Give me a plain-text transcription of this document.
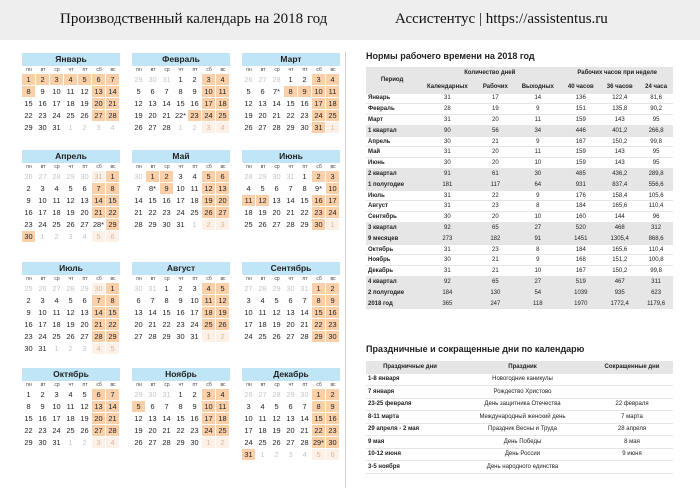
Производственный календарь на 2018 год	Ассистентус | https://assistentus.ru
Январь
пн	вт	ср	чт	пт	сб	вс
1	2	3	4	5	6	7
8	9	10 11 12 13 14
15 16 17 18 19 20 21
22 23 24 25 26 27 28
29 30 31	1	2	3	4
Февраль
пн	вт	ср	чт	пт	сб	вс
29 30 31	1	2	3	4
5	6	7	8	9	10 11
12 13 14 15 16 17 18
19 20 21 22* 23 24 25
26 27 28	1	2	3	4
Март
пн	вт	ср	чт	пт	сб	вс
26 27 28	1	2	3	4
5	6	7*	8	9	10 11
12 13 14 15 16 17 18
19 20 21 22 23 24 25
26 27 28 29 30 31	1
Апрель
пн	вт	ср	чт	пт	сб	вс
26 27 28 29 30 31	1
2	3	4	5	6	7	8
9	10 11 12 13 14 15
16 17 18 19 20 21 22
23 24 25 26 27 28* 29
30	1	2	3	4	5	6
Май
пн	вт	ср	чт	пт	сб	вс
30	1	2	3	4	5	6
7	8*	9	10 11 12 13
14 15 16 17 18 19 20
21 22 23 24 25 26 27
28 29 30 31	1	2	3
Июнь
пн	вт	ср	чт	пт	сб	вс
28 29 30 31	1	2	3
4	5	6	7	8	9* 10
11 12 13 14 15 16 17
18 19 20 21 22 23 24
25 26 27 28 29 30	1
Июль
пн	вт	ср	чт	пт	сб	вс
25 26 27 28 29 30	1
2	3	4	5	6	7	8
9	10 11 12 13 14 15
16 17 18 19 20 21 22
23 24 25 26 27 28 29
30 31	1	2	3	4	5
Август
пн	вт	ср	чт	пт	сб	вс
30 31	1	2	3	4	5
6	7	8	9	10 11 12
13 14 15 16 17 18 19
20 21 22 23 24 25 26
27 28 29 30 31	1	2
Сентябрь
пн	вт	ср	чт	пт	сб	вс
27 28 29 30 31	1	2
3	4	5	6	7	8	9
10 11 12 13 14 15 16
17 18 19 20 21 22 23
24 25 26 27 28 29 30
Октябрь
пн	вт	ср	чт	пт	сб	вс
1	2	3	4	5	6	7
8	9	10 11 12 13 14
15 16 17 18 19 20 21
22 23 24 25 26 27 28
29 30 31	1	2	3	4
Ноябрь
пн	вт	ср	чт	пт	сб	вс
29 30 31	1	2	3	4
5	6	7	8	9	10 11
12 13 14 15 16 17 18
19 20 21 22 23 24 25
26 27 28 29 30	1	2
Декабрь
пн	вт	ср	чт	пт	сб	вс
26 27 28 29 30	1	2
3	4	5	6	7	8	9
10 11 12 13 14 15 16
17 18 19 20 21 22 23
24 25 26 27 28 29* 30
31	1	2	3	4	5	6
Нормы рабочего времени на 2018 год
Период	Количество дней			Рабочих часов при неделе		
	Календарных	Рабочих	Выходных	40 часов	36 часов	24 часа
Январь	31	17	14	136	122,4	81,6
Февраль	28	19	9	151	135,8	90,2
Март	31	20	11	159	143	95
1 квартал	90	56	34	446	401,2	266,8
Апрель	30	21	9	167	150,2	99,8
Май	31	20	11	159	143	95
Июнь	30	20	10	159	143	95
2 квартал	91	61	30	485	436,2	289,8
1 полугодие	181	117	64	931	837,4	556,6
Июль	31	22	9	176	158,4	105,6
Август	31	23	8	184	165,6	110,4
Сентябрь	30	20	10	160	144	96
3 квартал	92	65	27	520	468	312
9 месяцев	273	182	91	1451	1305,4	868,6
Октябрь	31	23	8	184	165,6	110,4
Ноябрь	30	21	9	168	151,2	100,8
Декабрь	31	21	10	167	150,2	99,8
4 квартал	92	65	27	519	467	311
2 полугодие	184	130	54	1039	935	623
2018 год	365	247	118	1970	1772,4	1179,6
Праздничные и сокращенные дни по календарю
Праздничные дни	Праздник	Сокращенные дни
1-8 января	Новогодние каникулы	
7 января	Рождество Христово	
23-25 февраля	День защитника Отечества	22 февраля
8-11 марта	Международный женский день	7 марта
29 апреля - 2 мая	Праздник Весны и Труда	28 апреля
9 мая	День Победы	8 мая
10-12 июня	День России	9 июня
3-5 ноября	День народного единства	
